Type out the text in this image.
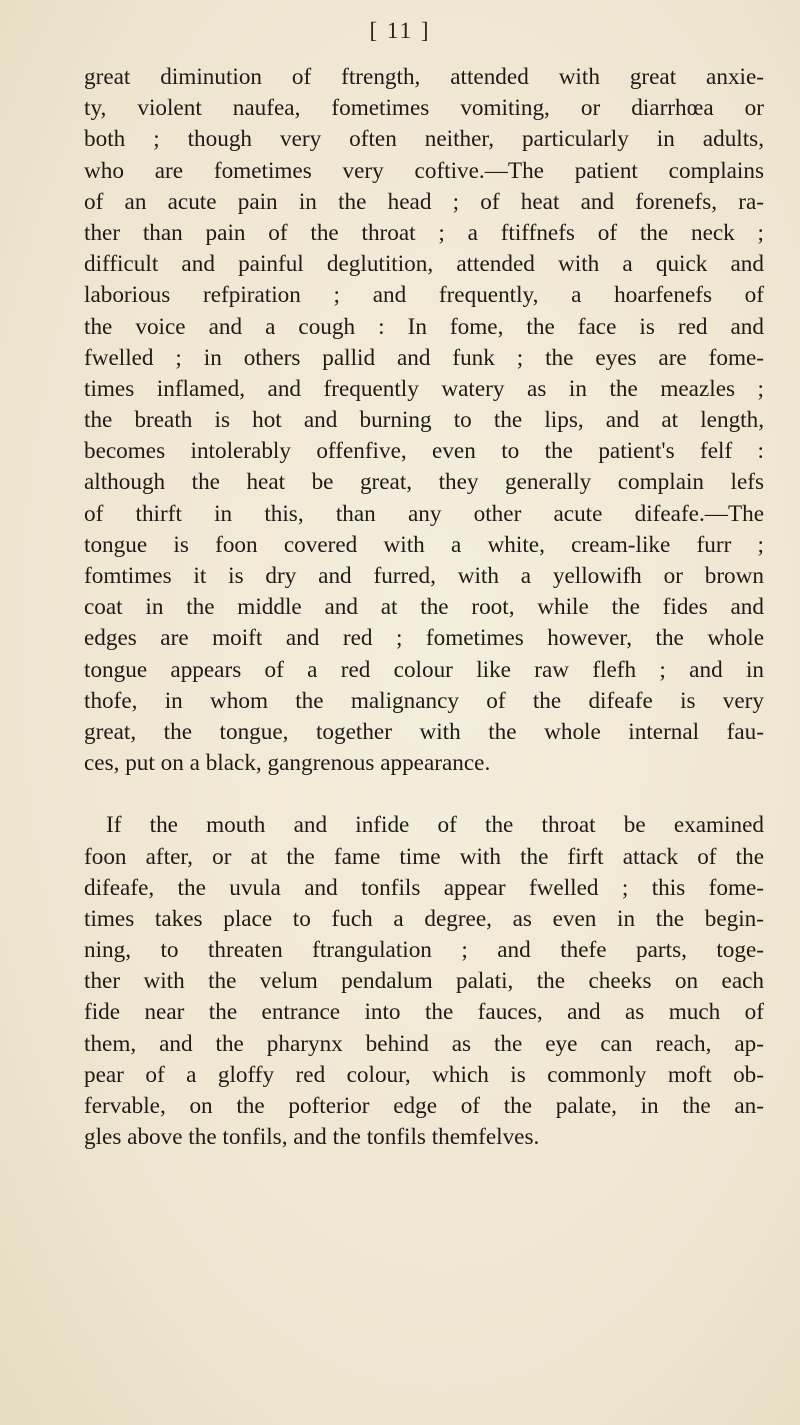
[ 11 ]
great diminution of ftrength, attended with great anxie-
ty, violent naufea, fometimes vomiting, or diarrhœa or
both ; though very often neither, particularly in adults,
who are fometimes very coftive.—The patient complains
of an acute pain in the head ; of heat and forenefs, ra-
ther than pain of the throat ; a ftiffnefs of the neck ;
difficult and painful deglutition, attended with a quick and
laborious refpiration ; and frequently, a hoarfenefs of
the voice and a cough : In fome, the face is red and
fwelled ; in others pallid and funk ; the eyes are fome-
times inflamed, and frequently watery as in the meazles ;
the breath is hot and burning to the lips, and at length,
becomes intolerably offenfive, even to the patient's felf :
although the heat be great, they generally complain lefs
of thirft in this, than any other acute difeafe.—The
tongue is foon covered with a white, cream-like furr ;
fomtimes it is dry and furred, with a yellowifh or brown
coat in the middle and at the root, while the fides and
edges are moift and red ; fometimes however, the whole
tongue appears of a red colour like raw flefh ; and in
thofe, in whom the malignancy of the difeafe is very
great, the tongue, together with the whole internal fau-
ces, put on a black, gangrenous appearance.
If the mouth and infide of the throat be examined
foon after, or at the fame time with the firft attack of the
difeafe, the uvula and tonfils appear fwelled ; this fome-
times takes place to fuch a degree, as even in the begin-
ning, to threaten ftrangulation ; and thefe parts, toge-
ther with the velum pendalum palati, the cheeks on each
fide near the entrance into the fauces, and as much of
them, and the pharynx behind as the eye can reach, ap-
pear of a gloffy red colour, which is commonly moft ob-
fervable, on the pofterior edge of the palate, in the an-
gles above the tonfils, and the tonfils themfelves.
